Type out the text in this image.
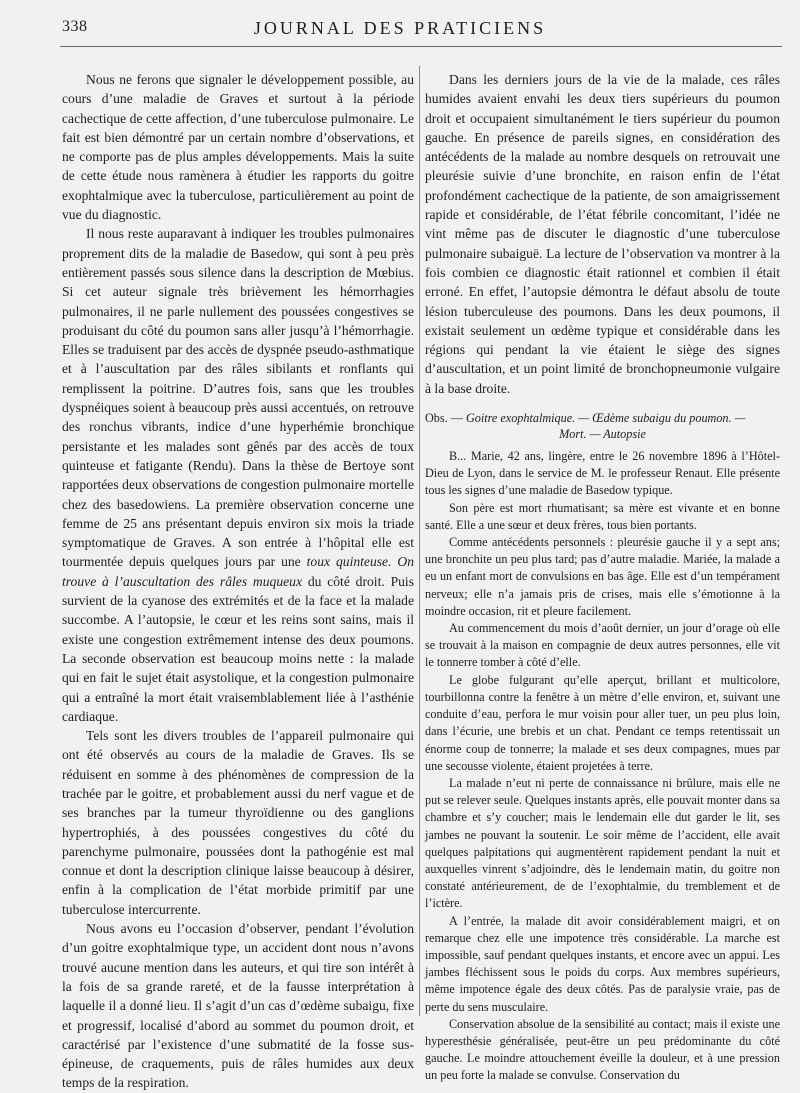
338	JOURNAL DES PRATICIENS

Nous ne ferons que signaler le développement possible, au cours d’une maladie de Graves et surtout à la période cachectique de cette affection, d’une tuberculose pulmonaire. Le fait est bien démontré par un certain nombre d’observations, et ne comporte pas de plus amples développements. Mais la suite de cette étude nous ramènera à étudier les rapports du goitre exophtalmique avec la tuberculose, particulièrement au point de vue du diagnostic.

Il nous reste auparavant à indiquer les troubles pulmonaires proprement dits de la maladie de Basedow, qui sont à peu près entièrement passés sous silence dans la description de Mœbius. Si cet auteur signale très brièvement les hémorrhagies pulmonaires, il ne parle nullement des poussées congestives se produisant du côté du poumon sans aller jusqu’à l’hémorrhagie. Elles se traduisent par des accès de dyspnée pseudo-asthmatique et à l’auscultation par des râles sibilants et ronflants qui remplissent la poitrine. D’autres fois, sans que les troubles dyspnéiques soient à beaucoup près aussi accentués, on retrouve des ronchus vibrants, indice d’une hyperhémie bronchique persistante et les malades sont gênés par des accès de toux quinteuse et fatigante (Rendu). Dans la thèse de Bertoye sont rapportées deux observations de congestion pulmonaire mortelle chez des basedowiens. La première observation concerne une femme de 25 ans présentant depuis environ six mois la triade symptomatique de Graves. A son entrée à l’hôpital elle est tourmentée depuis quelques jours par une toux quinteuse. On trouve à l’auscultation des râles muqueux du côté droit. Puis survient de la cyanose des extrémités et de la face et la malade succombe. A l’autopsie, le cœur et les reins sont sains, mais il existe une congestion extrêmement intense des deux poumons. La seconde observation est beaucoup moins nette : la malade qui en fait le sujet était asystolique, et la congestion pulmonaire qui a entraîné la mort était vraisemblablement liée à l’asthénie cardiaque.

Tels sont les divers troubles de l’appareil pulmonaire qui ont été observés au cours de la maladie de Graves. Ils se réduisent en somme à des phénomènes de compression de la trachée par le goitre, et probablement aussi du nerf vague et de ses branches par la tumeur thyroïdienne ou des ganglions hypertrophiés, à des poussées congestives du côté du parenchyme pulmonaire, poussées dont la pathogénie est mal connue et dont la description clinique laisse beaucoup à désirer, enfin à la complication de l’état morbide primitif par une tuberculose intercurrente.

Nous avons eu l’occasion d’observer, pendant l’évolution d’un goitre exophtalmique type, un accident dont nous n’avons trouvé aucune mention dans les auteurs, et qui tire son intérêt à la fois de sa grande rareté, et de la fausse interprétation à laquelle il a donné lieu. Il s’agit d’un cas d’œdème subaigu, fixe et progressif, localisé d’abord au sommet du poumon droit, et caractérisé par l’existence d’une submatité de la fosse sus-épineuse, de craquements, puis de râles humides aux deux temps de la respiration.

Dans les derniers jours de la vie de la malade, ces râles humides avaient envahi les deux tiers supérieurs du poumon droit et occupaient simultanément le tiers supérieur du poumon gauche. En présence de pareils signes, en considération des antécédents de la malade au nombre desquels on retrouvait une pleurésie suivie d’une bronchite, en raison enfin de l’état profondément cachectique de la patiente, de son amaigrissement rapide et considérable, de l’état fébrile concomitant, l’idée ne vint même pas de discuter le diagnostic d’une tuberculose pulmonaire subaiguë. La lecture de l’observation va montrer à la fois combien ce diagnostic était rationnel et combien il était erroné. En effet, l’autopsie démontra le défaut absolu de toute lésion tuberculeuse des poumons. Dans les deux poumons, il existait seulement un œdème typique et considérable dans les régions qui pendant la vie étaient le siège des signes d’auscultation, et un point limité de bronchopneumonie vulgaire à la base droite.

Obs. — Goitre exophtalmique. — Œdème subaigu du poumon. —
Mort. — Autopsie

B... Marie, 42 ans, lingère, entre le 26 novembre 1896 à l’Hôtel-Dieu de Lyon, dans le service de M. le professeur Renaut. Elle présente tous les signes d’une maladie de Basedow typique.

Son père est mort rhumatisant; sa mère est vivante et en bonne santé. Elle a une sœur et deux frères, tous bien portants.

Comme antécédents personnels : pleurésie gauche il y a sept ans; une bronchite un peu plus tard; pas d’autre maladie. Mariée, la malade a eu un enfant mort de convulsions en bas âge. Elle est d’un tempérament nerveux; elle n’a jamais pris de crises, mais elle s’émotionne à la moindre occasion, rit et pleure facilement.

Au commencement du mois d’août dernier, un jour d’orage où elle se trouvait à la maison en compagnie de deux autres personnes, elle vit le tonnerre tomber à côté d’elle.

Le globe fulgurant qu’elle aperçut, brillant et multicolore, tourbillonna contre la fenêtre à un mètre d’elle environ, et, suivant une conduite d’eau, perfora le mur voisin pour aller tuer, un peu plus loin, dans l’écurie, une brebis et un chat. Pendant ce temps retentissait un énorme coup de tonnerre; la malade et ses deux compagnes, mues par une secousse violente, étaient projetées à terre.

La malade n’eut ni perte de connaissance ni brûlure, mais elle ne put se relever seule. Quelques instants après, elle pouvait monter dans sa chambre et s’y coucher; mais le lendemain elle dut garder le lit, ses jambes ne pouvant la soutenir. Le soir même de l’accident, elle avait quelques palpitations qui augmentèrent rapidement pendant la nuit et auxquelles vinrent s’adjoindre, dès le lendemain matin, du goitre non constaté antérieurement, de de l’exophtalmie, du tremblement et de l’ictère.

A l’entrée, la malade dit avoir considérablement maigri, et on remarque chez elle une impotence très considérable. La marche est impossible, sauf pendant quelques instants, et encore avec un appui. Les jambes fléchissent sous le poids du corps. Aux membres supérieurs, même impotence égale des deux côtés. Pas de paralysie vraie, pas de perte du sens musculaire.

Conservation absolue de la sensibilité au contact; mais il existe une hyperesthésie généralisée, peut-être un peu prédominante du côté gauche. Le moindre attouchement éveille la douleur, et à une pression un peu forte la malade se convulse. Conservation du
